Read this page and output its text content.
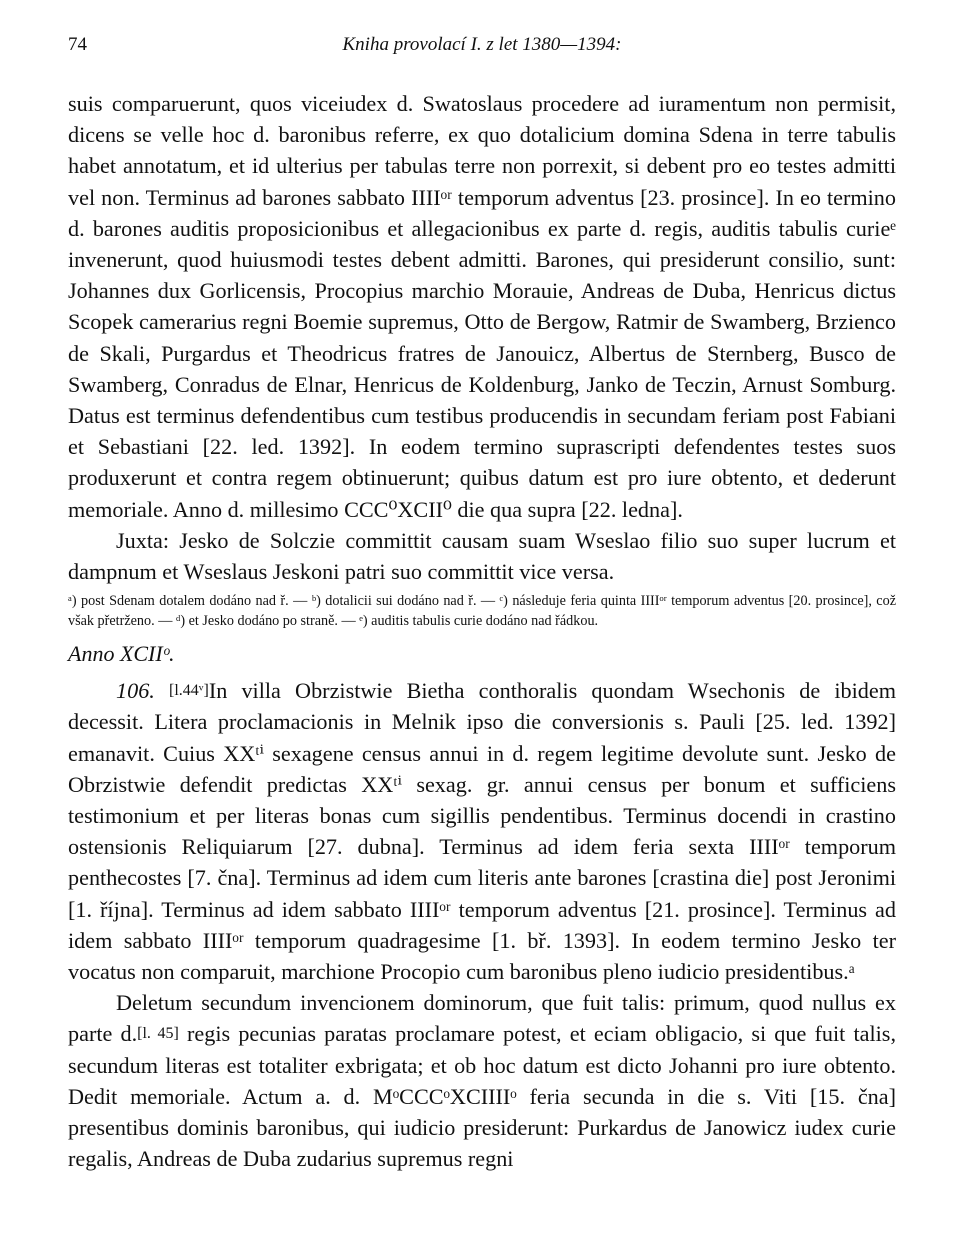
74	Kniha provolací I. z let 1380—1394:

suis comparuerunt, quos viceiudex d. Swatoslaus procedere ad iuramentum non permisit, dicens se velle hoc d. baronibus referre, ex quo dotalicium domina Sdena in terre tabulis habet annotatum, et id ulterius per tabulas terre non porrexit, si debent pro eo testes admitti vel non. Terminus ad barones sabbato IIIIᵒʳ temporum adventus [23. prosince]. In eo termino d. barones auditis proposicionibus et allegacionibus ex parte d. regis, auditis tabulis curieᵉ invenerunt, quod huiusmodi testes debent admitti. Barones, qui presiderunt consilio, sunt: Johannes dux Gorlicensis, Procopius marchio Morauie, Andreas de Duba, Henricus dictus Scopek camerarius regni Boemie supremus, Otto de Bergow, Ratmir de Swamberg, Brzienco de Skali, Purgardus et Theodricus fratres de Janouicz, Albertus de Sternberg, Busco de Swamberg, Conradus de Elnar, Henricus de Koldenburg, Janko de Teczin, Arnust Somburg. Datus est terminus defendentibus cum testibus producendis in secundam feriam post Fabiani et Sebastiani [22. led. 1392]. In eodem termino suprascripti defendentes testes suos produxerunt et contra regem obtinuerunt; quibus datum est pro iure obtento, et dederunt memoriale. Anno d. millesimo CCC⁰XCII⁰ die qua supra [22. ledna].

Juxta: Jesko de Solczie committit causam suam Wseslao filio suo super lucrum et dampnum et Wseslaus Jeskoni patri suo committit vice versa.

ᵃ) post Sdenam dotalem dodáno nad ř. — ᵇ) dotalicii sui dodáno nad ř. — ᶜ) následuje feria quinta IIIIᵒʳ temporum adventus [20. prosince], což však přetrženo. — ᵈ) et Jesko dodáno po straně. — ᵉ) auditis tabulis curie dodáno nad řádkou.

Anno XCIIᵒ.

106. [l.44ᵛ]In villa Obrzistwie Bietha conthoralis quondam Wsechonis de ibidem decessit. Litera proclamacionis in Melnik ipso die conversionis s. Pauli [25. led. 1392] emanavit. Cuius XXᵗⁱ sexagene census annui in d. regem legitime devolute sunt. Jesko de Obrzistwie defendit predictas XXᵗⁱ sexag. gr. annui census per bonum et sufficiens testimonium et per literas bonas cum sigillis pendentibus. Terminus docendi in crastino ostensionis Reliquiarum [27. dubna]. Terminus ad idem feria sexta IIIIᵒʳ temporum penthecostes [7. čna]. Terminus ad idem cum literis ante barones [crastina die] post Jeronimi [1. října]. Terminus ad idem sabbato IIIIᵒʳ temporum adventus [21. prosince]. Terminus ad idem sabbato IIIIᵒʳ temporum quadragesime [1. bř. 1393]. In eodem termino Jesko ter vocatus non comparuit, marchione Procopio cum baronibus pleno iudicio presidentibus.ᵃ

Deletum secundum invencionem dominorum, que fuit talis: primum, quod nullus ex parte d.[l. 45] regis pecunias paratas proclamare potest, et eciam obligacio, si que fuit talis, secundum literas est totaliter exbrigata; et ob hoc datum est dicto Johanni pro iure obtento. Dedit memoriale. Actum a. d. MᵒCCCᵒXCIIIIᵒ feria secunda in die s. Viti [15. čna] presentibus dominis baronibus, qui iudicio presiderunt: Purkardus de Janowicz iudex curie regalis, Andreas de Duba zudarius supremus regni
